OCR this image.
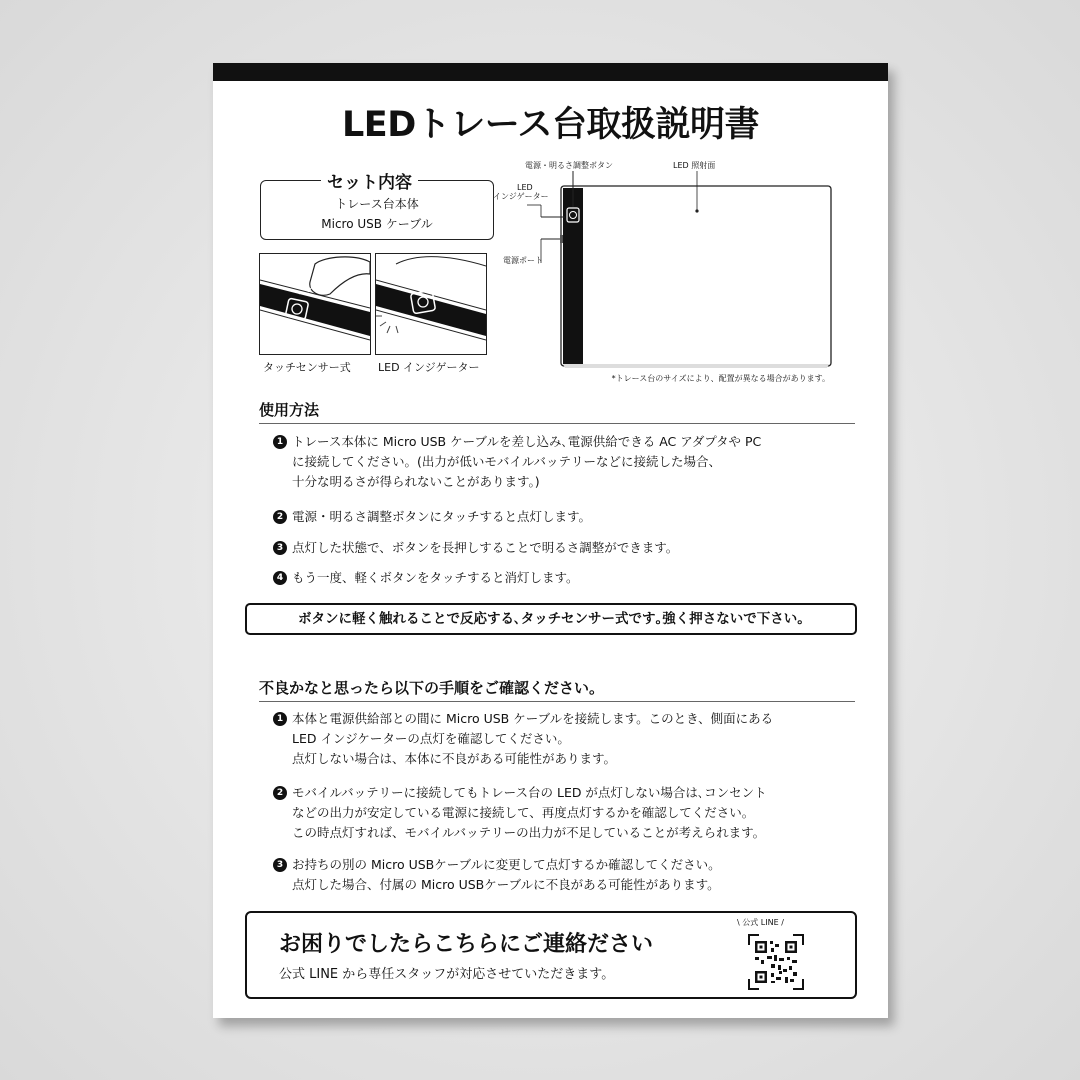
LEDトレース台取扱説明書
セット内容
トレース台本体
Micro USB ケーブル
タッチセンサー式 LED インジゲーター
電源・明るさ調整ボタン	LED 照射面
LED
インジゲーター
電源ポート
*トレース台のサイズにより、配置が異なる場合があります。
使用方法
1 トレース本体に Micro USB ケーブルを差し込み､電源供給できる AC アダプタや PC
に接続してください。(出力が低いモバイルバッテリーなどに接続した場合、
十分な明るさが得られないことがあります。)
2 電源・明るさ調整ボタンにタッチすると点灯します。
3 点灯した状態で、ボタンを長押しすることで明るさ調整ができます。
4 もう一度、軽くボタンをタッチすると消灯します。
ボタンに軽く触れることで反応する､タッチセンサー式です｡強く押さないで下さい｡
不良かなと思ったら以下の手順をご確認ください。
1 本体と電源供給部との間に Micro USB ケーブルを接続します。このとき、側面にある
LED インジケーターの点灯を確認してください。
点灯しない場合は、本体に不良がある可能性があります。
2 モバイルバッテリーに接続してもトレース台の LED が点灯しない場合は､コンセント
などの出力が安定している電源に接続して、再度点灯するかを確認してください。
この時点灯すれば、モバイルバッテリーの出力が不足していることが考えられます。
3 お持ちの別の Micro USBケーブルに変更して点灯するか確認してください。
点灯した場合、付属の Micro USBケーブルに不良がある可能性があります。
お困りでしたらこちらにご連絡ださい
公式 LINE から専任スタッフが対応させていただきます。
\ 公式 LINE /
